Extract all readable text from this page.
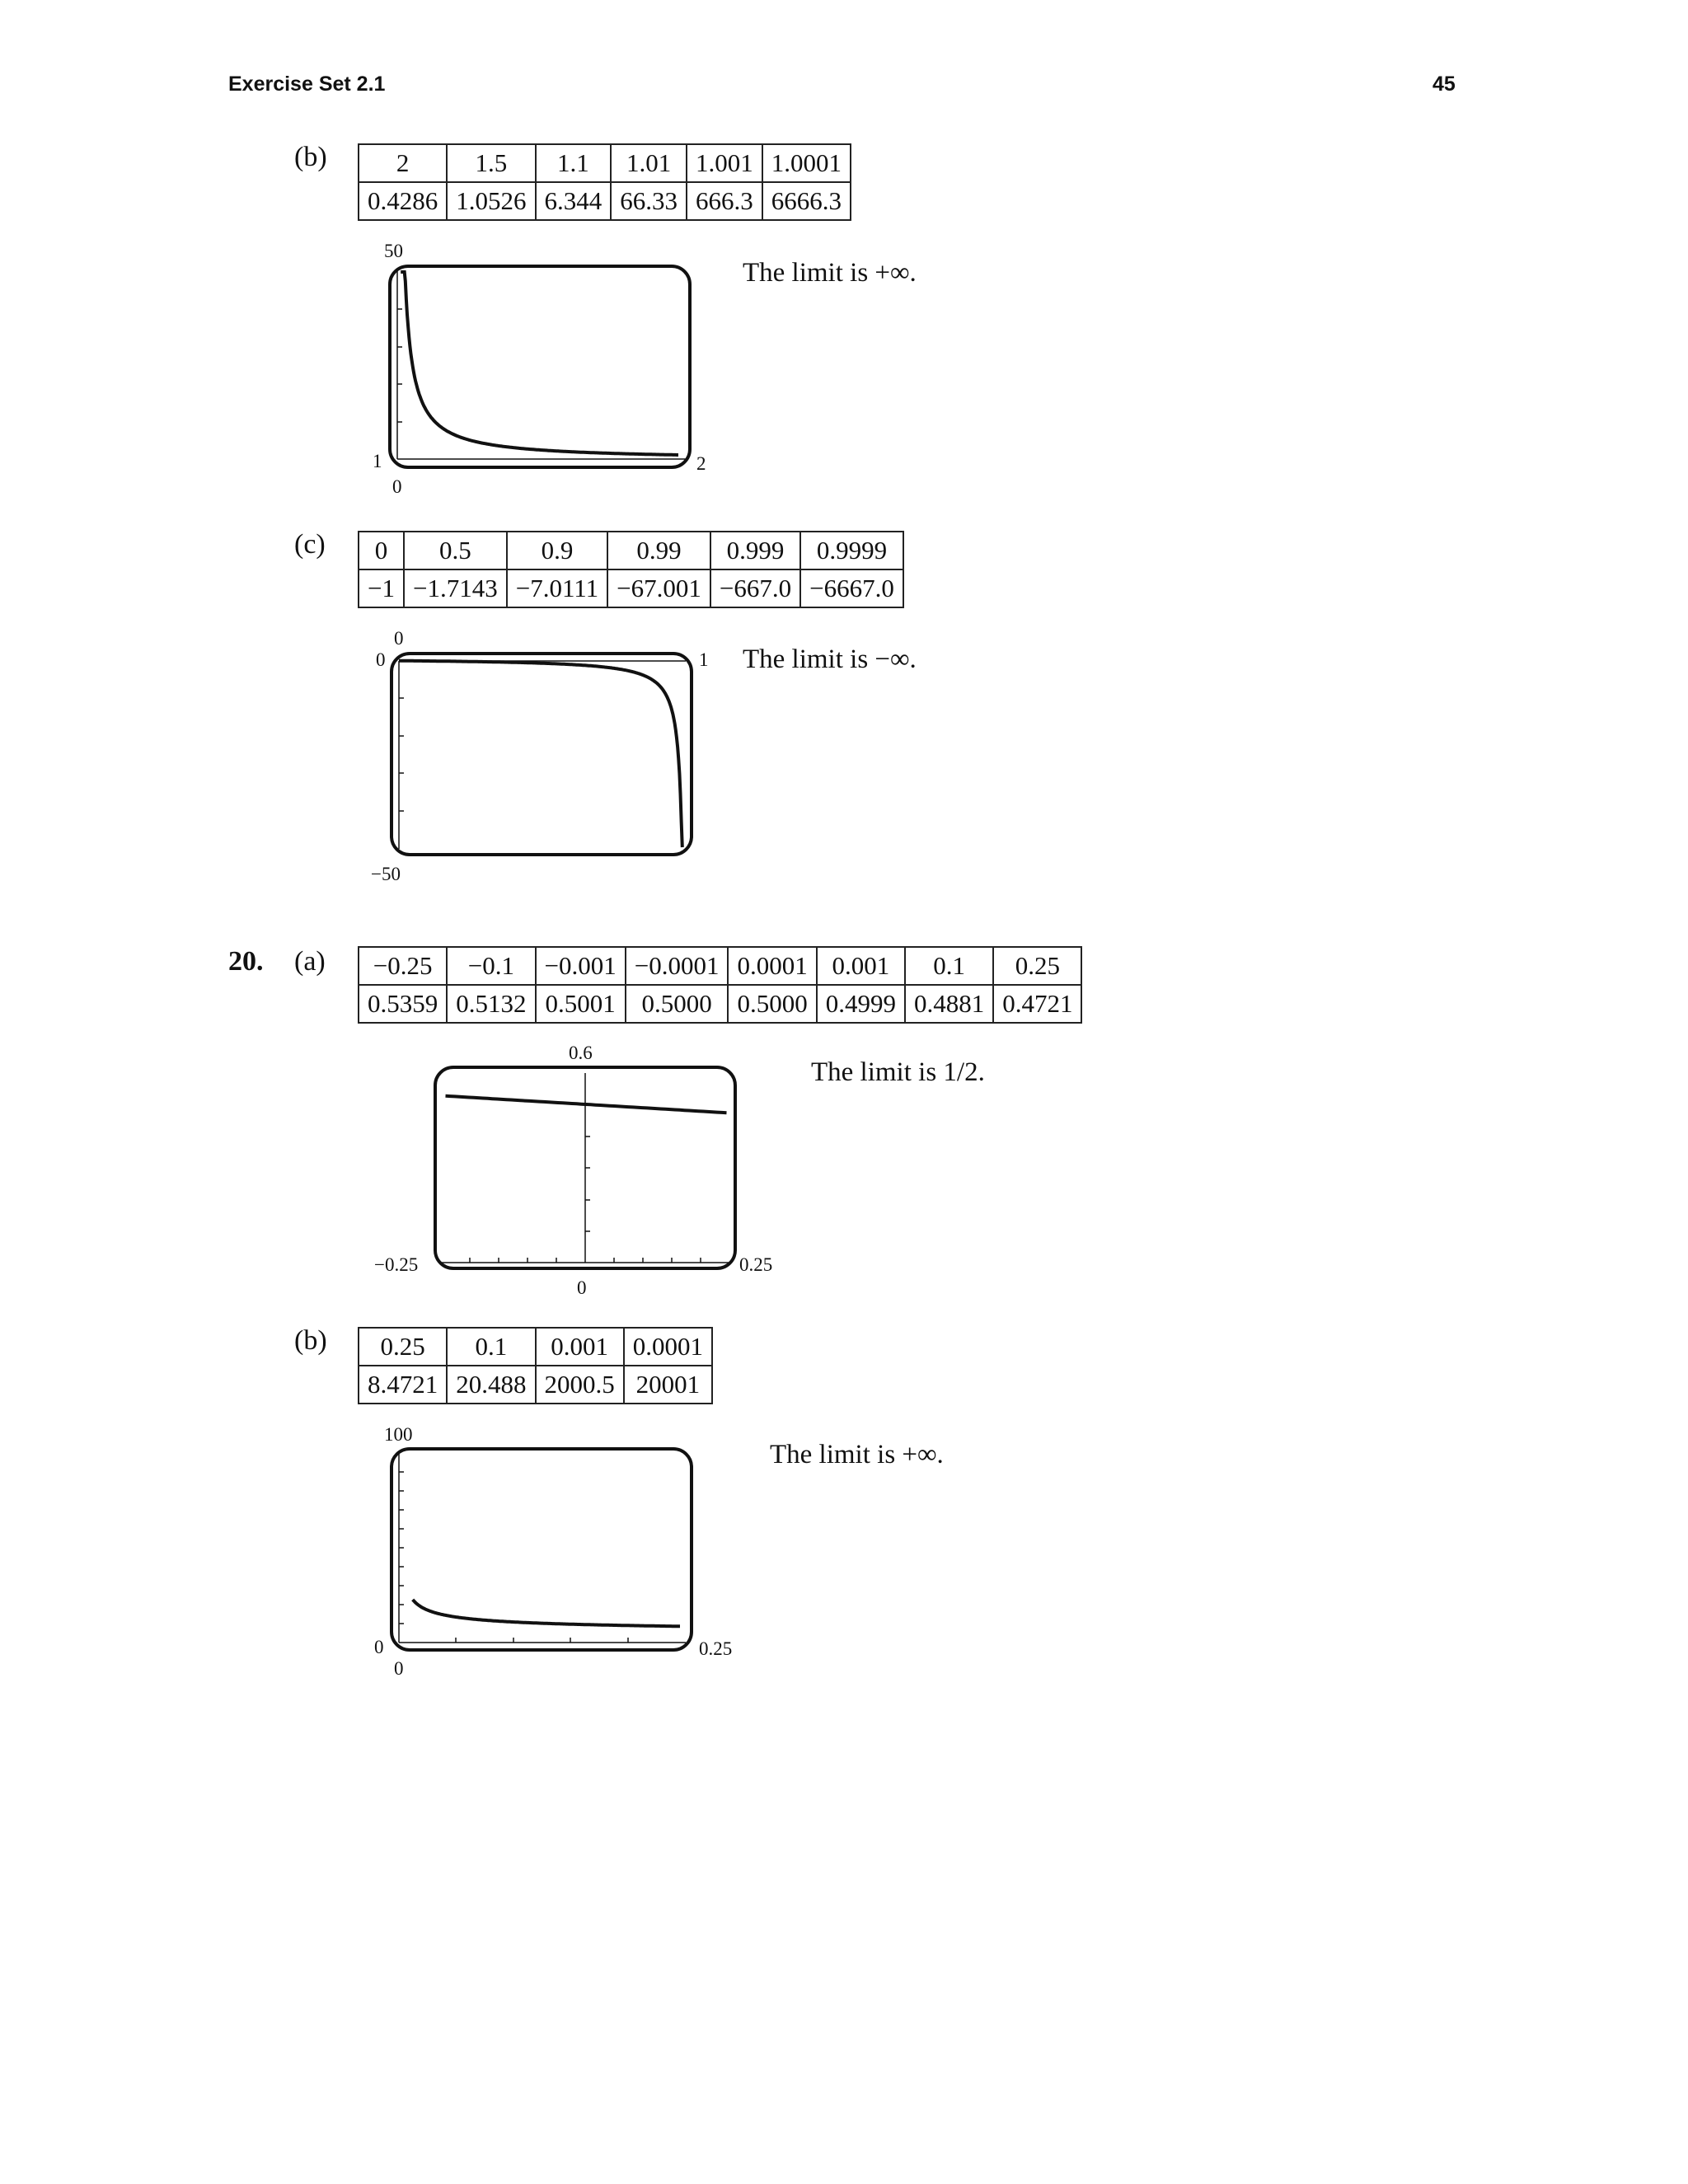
Exercise Set 2.1	45
(b)	2	1.5	1.1	1.01	1.001	1.0001
0.4286	1.0526	6.344	66.33	666.3	6666.3
50
1
0
2
The limit is +∞.
(c) 0	0.5	0.9	0.99	0.999	0.9999
−1	−1.7143	−7.0111	−67.001	−667.0	−6667.0
0
0	1
−50
The limit is −∞.
20. (a) −0.25	−0.1	−0.001	−0.0001	0.0001	0.001	0.1	0.25
0.5359	0.5132	0.5001	0.5000	0.5000	0.4999	0.4881	0.4721
0.6
−0.25	0.25
0
The limit is 1/2.
(b) 0.25	0.1	0.001	0.0001
8.4721	20.488	2000.5	20001
100
0
0
0.25
The limit is +∞.
